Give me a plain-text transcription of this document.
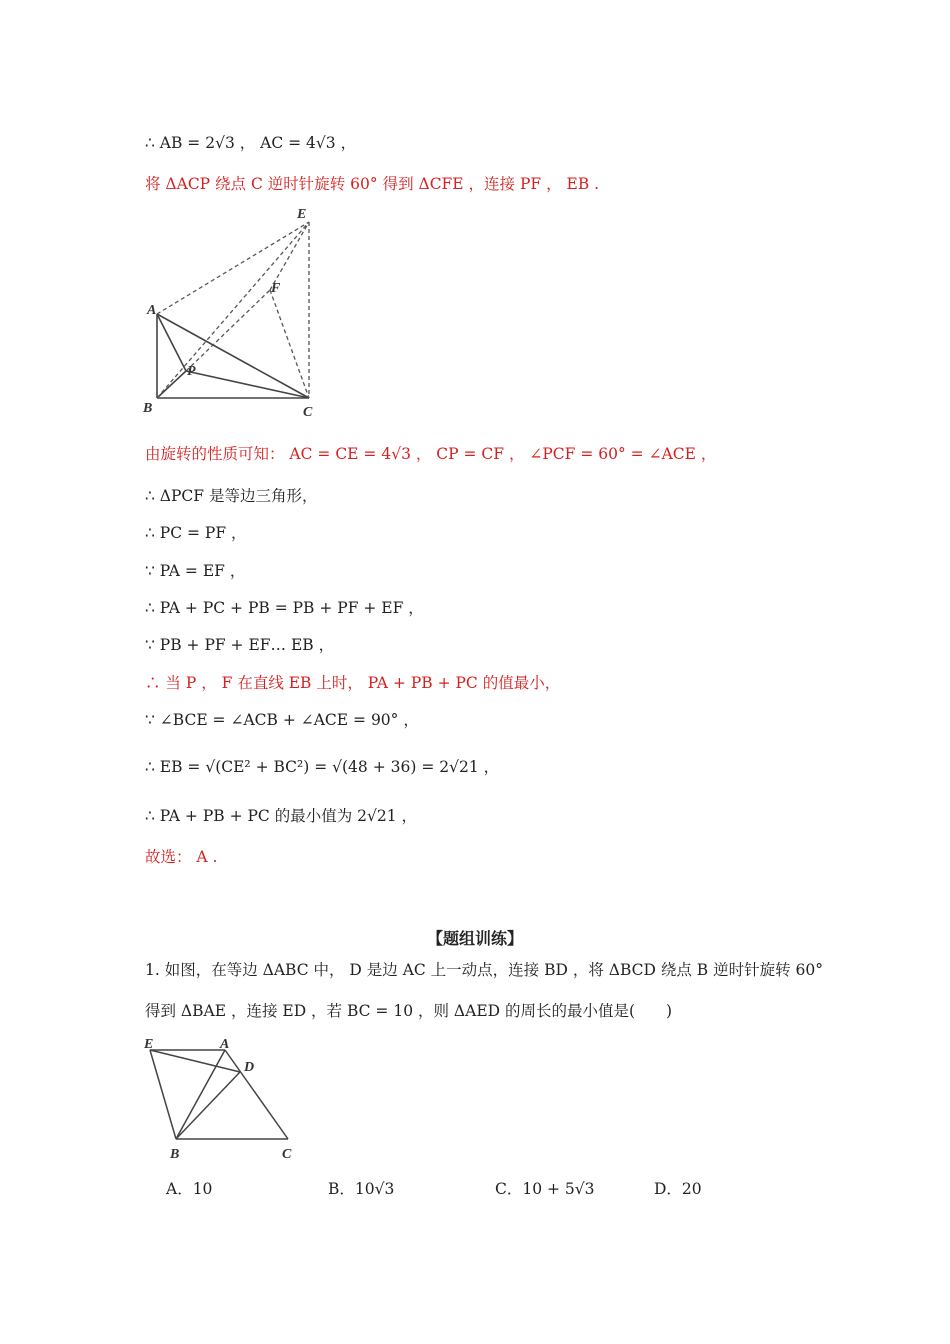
∴ AB = 2√3 ， AC = 4√3 ，
将 ΔACP 绕点 C 逆时针旋转 60° 得到 ΔCFE ，连接 PF ， EB .
E
F
A
P
B	C
由旋转的性质可知： AC = CE = 4√3 ， CP = CF ， ∠PCF = 60° = ∠ACE ，
∴ ΔPCF 是等边三角形，
∴ PC = PF ，
∵ PA = EF ，
∴ PA + PC + PB = PB + PF + EF ，
∵ PB + PF + EF… EB ，
∴ 当 P ， F 在直线 EB 上时， PA + PB + PC 的值最小，
∵ ∠BCE = ∠ACB + ∠ACE = 90° ，
∴ EB = √(CE² + BC²) = √(48 + 36) = 2√21 ，
∴ PA + PB + PC 的最小值为 2√21 ，
故选： A .
【题组训练】
1. 如图，在等边 ΔABC 中， D 是边 AC 上一动点，连接 BD ，将 ΔBCD 绕点 B 逆时针旋转 60°
得到 ΔBAE ，连接 ED ，若 BC = 10 ，则 ΔAED 的周长的最小值是(　　)
E	A
D
B	C
A．10	B．10√3	C．10 + 5√3	D．20
